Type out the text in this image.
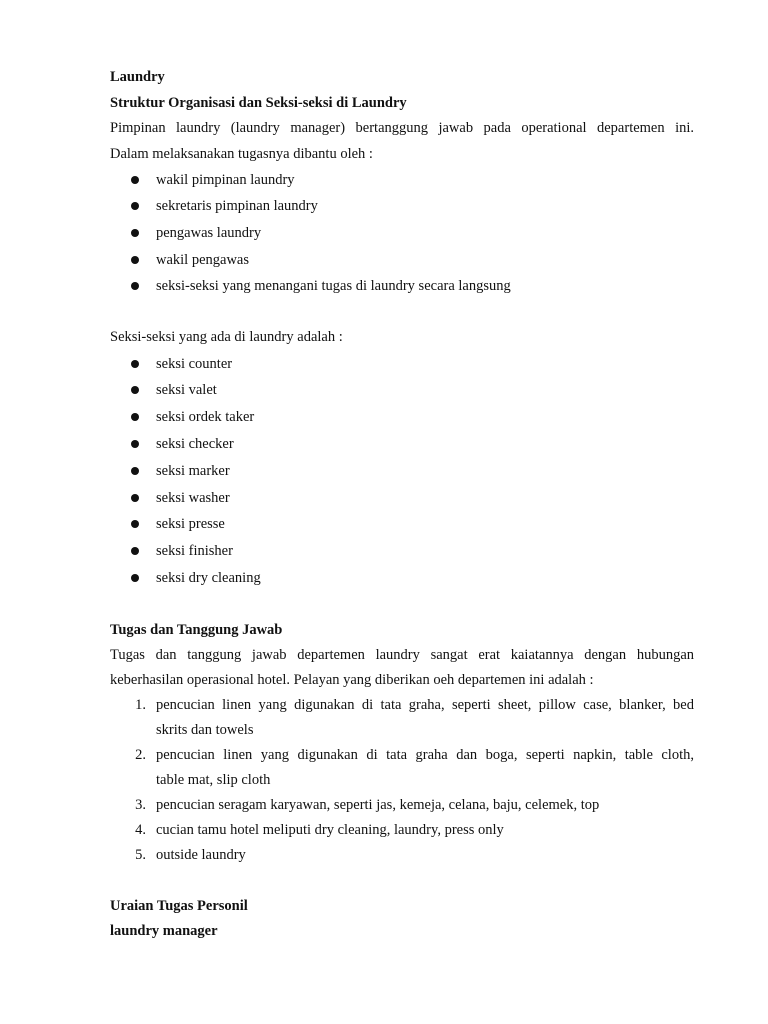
Laundry
Struktur Organisasi dan Seksi-seksi di Laundry
Pimpinan laundry (laundry manager) bertanggung jawab pada operational departemen ini.
Dalam melaksanakan tugasnya dibantu oleh :
wakil pimpinan laundry
sekretaris pimpinan laundry
pengawas laundry
wakil pengawas
seksi-seksi yang menangani tugas di laundry secara langsung
Seksi-seksi yang ada di laundry adalah :
seksi counter
seksi valet
seksi ordek taker
seksi checker
seksi marker
seksi washer
seksi presse
seksi finisher
seksi dry cleaning
Tugas dan Tanggung Jawab
Tugas dan tanggung jawab departemen laundry sangat erat kaiatannya dengan hubungan
keberhasilan operasional hotel. Pelayan yang diberikan oeh departemen ini adalah :
1. pencucian linen yang digunakan di tata graha, seperti sheet, pillow case, blanker, bed
skrits dan towels
2. pencucian linen yang digunakan di tata graha dan boga, seperti napkin, table cloth,
table mat, slip cloth
3. pencucian seragam karyawan, seperti jas, kemeja, celana, baju, celemek, top
4. cucian tamu hotel meliputi dry cleaning, laundry, press only
5. outside laundry
Uraian Tugas Personil
laundry manager
